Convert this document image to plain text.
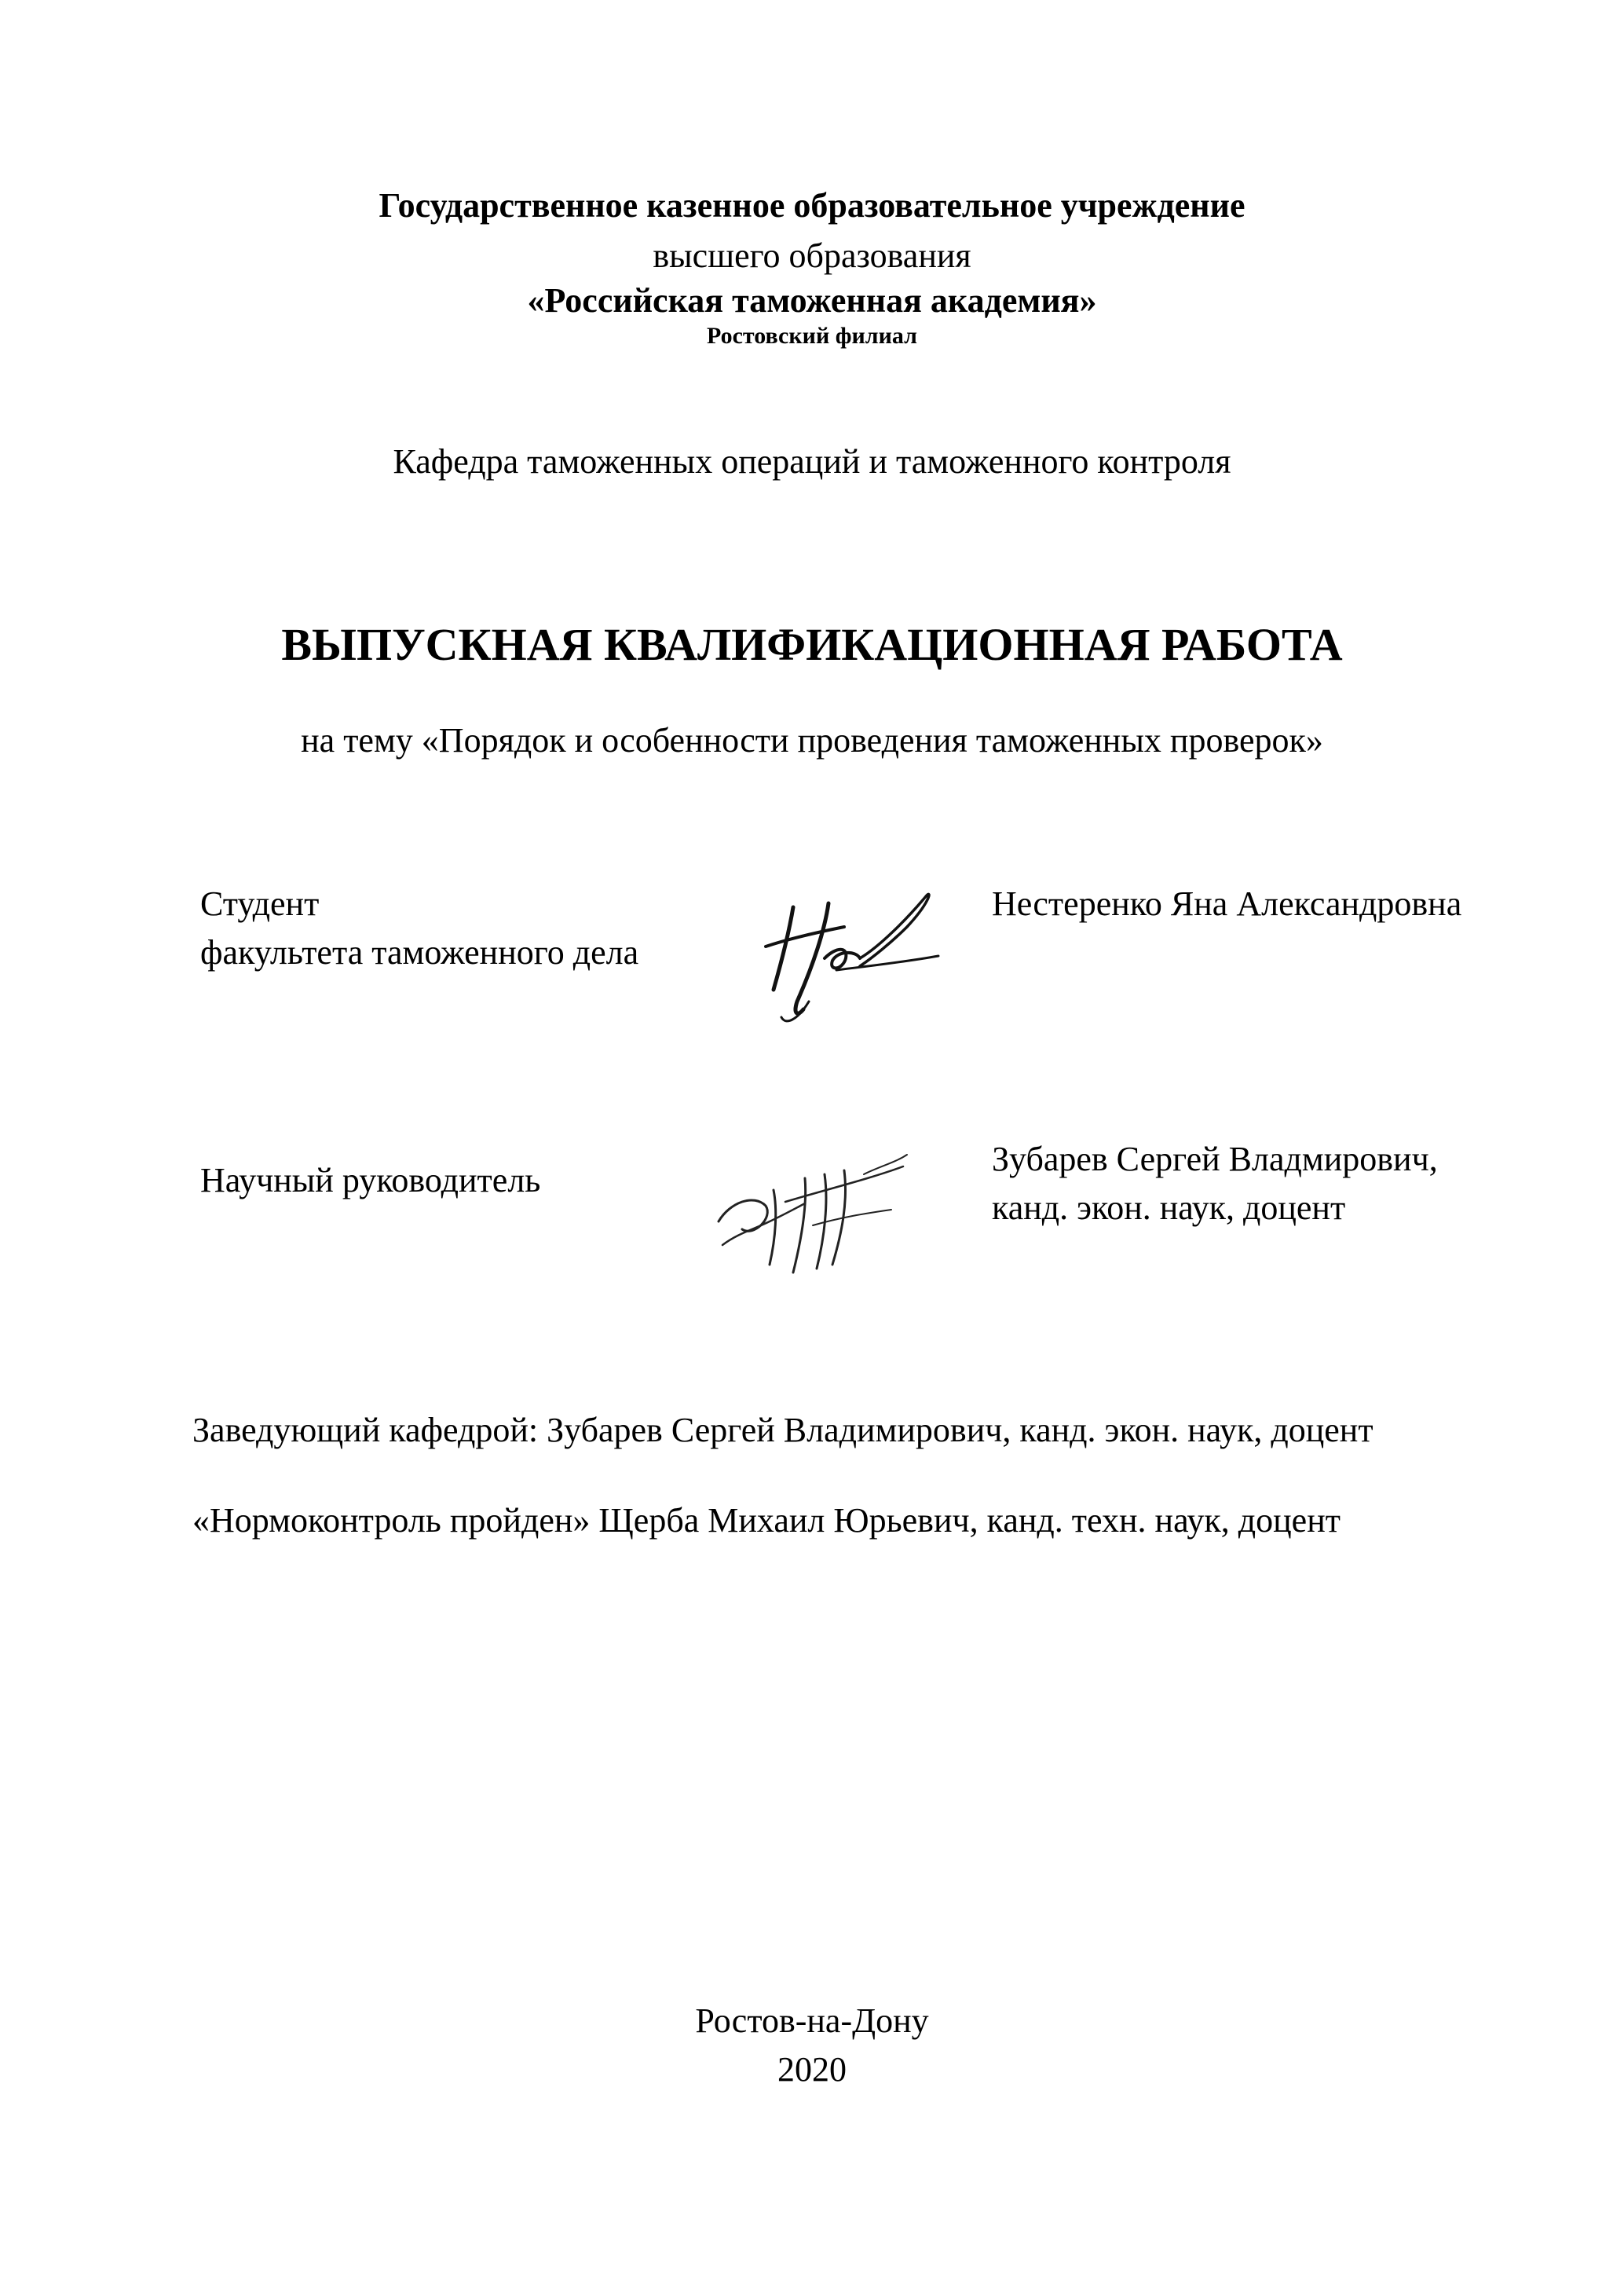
Государственное казенное образовательное учреждение
высшего образования
«Российская таможенная академия»
Ростовский филиал
Кафедра таможенных операций и таможенного контроля
ВЫПУСКНАЯ КВАЛИФИКАЦИОННАЯ РАБОТА
на тему «Порядок и особенности проведения таможенных проверок»
Студент
факультета таможенного дела
Нестеренко Яна Александровна
Научный руководитель
Зубарев Сергей Владмирович,
канд. экон. наук, доцент
Заведующий кафедрой: Зубарев Сергей Владимирович, канд. экон. наук, доцент
«Нормоконтроль пройден» Щерба Михаил Юрьевич, канд. техн. наук, доцент
Ростов-на-Дону
2020
